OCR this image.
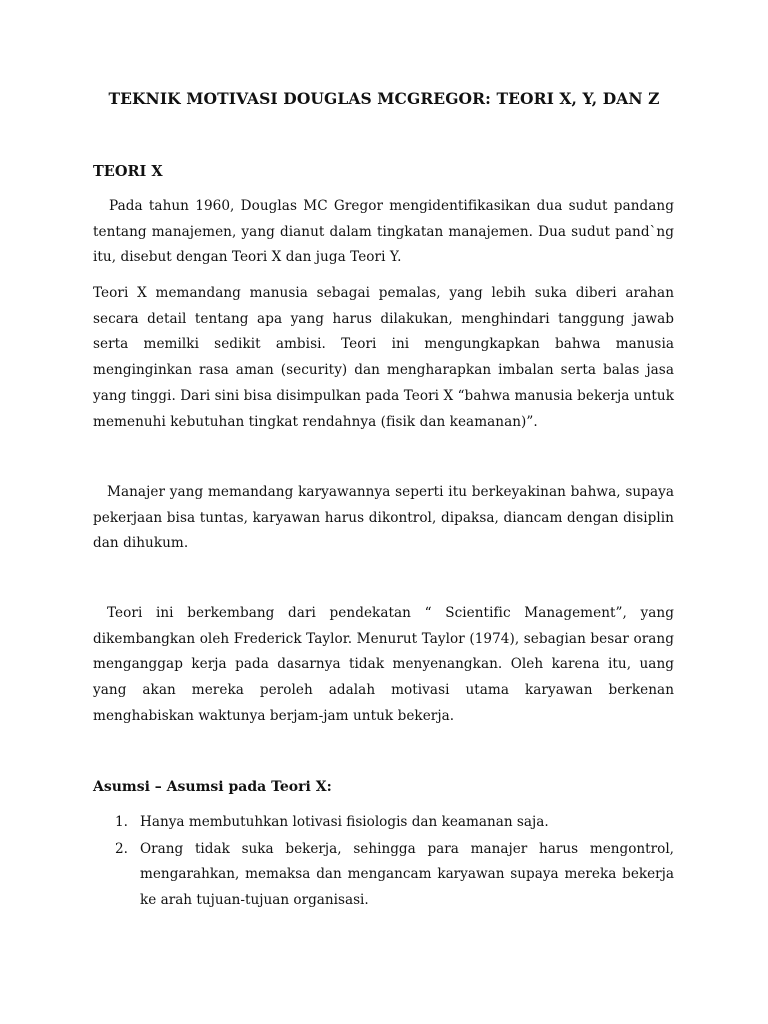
TEKNIK MOTIVASI DOUGLAS MCGREGOR: TEORI X, Y, DAN Z
TEORI X
Pada tahun 1960, Douglas MC Gregor mengidentifikasikan dua sudut pandang tentang manajemen, yang dianut dalam tingkatan manajemen. Dua sudut pand`ng itu, disebut dengan Teori X dan juga Teori Y.
Teori X memandang manusia sebagai pemalas, yang lebih suka diberi arahan secara detail tentang apa yang harus dilakukan, menghindari tanggung jawab serta memilki sedikit ambisi. Teori ini mengungkapkan bahwa manusia menginginkan rasa aman (security) dan mengharapkan imbalan serta balas jasa yang tinggi. Dari sini bisa disimpulkan pada Teori X “bahwa manusia bekerja untuk memenuhi kebutuhan tingkat rendahnya (fisik dan keamanan)”.
Manajer yang memandang karyawannya seperti itu berkeyakinan bahwa, supaya pekerjaan bisa tuntas, karyawan harus dikontrol, dipaksa, diancam dengan disiplin dan dihukum.
Teori ini berkembang dari pendekatan “ Scientific Management”, yang dikembangkan oleh Frederick Taylor. Menurut Taylor (1974), sebagian besar orang menganggap kerja pada dasarnya tidak menyenangkan. Oleh karena itu, uang yang akan mereka peroleh adalah motivasi utama karyawan berkenan menghabiskan waktunya berjam-jam untuk bekerja.
Asumsi – Asumsi pada Teori X:
1. Hanya membutuhkan lotivasi fisiologis dan keamanan saja.
2. Orang tidak suka bekerja, sehingga para manajer harus mengontrol, mengarahkan, memaksa dan mengancam karyawan supaya mereka bekerja ke arah tujuan-tujuan organisasi.
